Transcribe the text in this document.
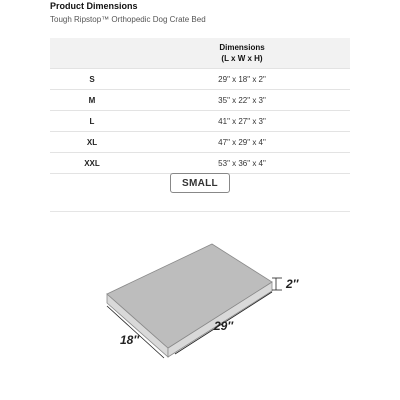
Product Dimensions
Tough Ripstop™ Orthopedic Dog Crate Bed

	Dimensions
(L x W x H)

S	29" x 18" x 2"
M	35" x 22" x 3"
L	41" x 27" x 3"
XL	47" x 29" x 4"
XXL	53" x 36" x 4"
SMALL
2″
29″
18″
